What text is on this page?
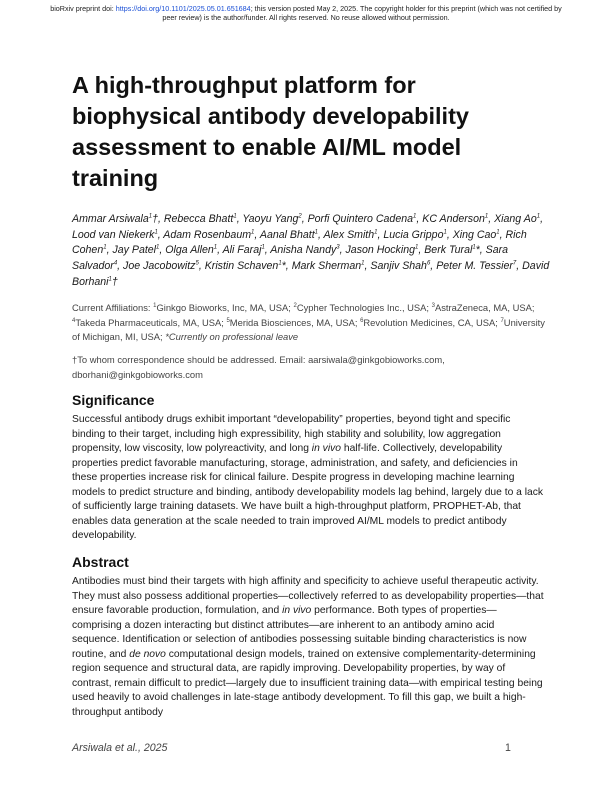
bioRxiv preprint doi: https://doi.org/10.1101/2025.05.01.651684; this version posted May 2, 2025. The copyright holder for this preprint (which was not certified by peer review) is the author/funder. All rights reserved. No reuse allowed without permission.
A high-throughput platform for biophysical antibody developability assessment to enable AI/ML model training

Ammar Arsiwala$^1$†, Rebecca Bhatt$^1$, Yaoyu Yang$^2$, Porfi Quintero Cadena$^1$, KC Anderson$^1$, Xiang Ao$^1$, Lood van Niekerk$^1$, Adam Rosenbaum$^1$, Aanal Bhatt$^1$, Alex Smith$^1$, Lucia Grippo$^1$, Xing Cao$^1$, Rich Cohen$^1$, Jay Patel$^1$, Olga Allen$^1$, Ali Faraj$^1$, Anisha Nandy$^3$, Jason Hocking$^1$, Berk Tural$^1$*, Sara Salvador$^4$, Joe Jacobowitz$^5$, Kristin Schaven$^1$*, Mark Sherman$^1$, Sanjiv Shah$^6$, Peter M. Tessier$^7$, David Borhani$^1$†

Current Affiliations: $^1$Ginkgo Bioworks, Inc, MA, USA; $^2$Cypher Technologies Inc., USA; $^3$AstraZeneca, MA, USA; $^4$Takeda Pharmaceuticals, MA, USA; $^5$Merida Biosciences, MA, USA; $^6$Revolution Medicines, CA, USA; $^7$University of Michigan, MI, USA; *Currently on professional leave

†To whom correspondence should be addressed. Email: aarsiwala@ginkgobioworks.com, dborhani@ginkgobioworks.com

Significance

Successful antibody drugs exhibit important “developability” properties, beyond tight and specific binding to their target, including high expressibility, high stability and solubility, low aggregation propensity, low viscosity, low polyreactivity, and long in vivo half-life. Collectively, developability properties predict favorable manufacturing, storage, administration, and safety, and deficiencies in these properties increase risk for clinical failure. Despite progress in developing machine learning models to predict structure and binding, antibody developability models lag behind, largely due to a lack of sufficiently large training datasets. We have built a high-throughput platform, PROPHET-Ab, that enables data generation at the scale needed to train improved AI/ML models to predict antibody developability.

Abstract

Antibodies must bind their targets with high affinity and specificity to achieve useful therapeutic activity. They must also possess additional properties—collectively referred to as developability properties—that ensure favorable production, formulation, and in vivo performance. Both types of properties—comprising a dozen interacting but distinct attributes—are inherent to an antibody amino acid sequence. Identification or selection of antibodies possessing suitable binding characteristics is now routine, and de novo computational design models, trained on extensive complementarity-determining region sequence and structural data, are rapidly improving. Developability properties, by way of contrast, remain difficult to predict—largely due to insufficient training data—with empirical testing being used heavily to avoid challenges in late-stage antibody development. To fill this gap, we built a high-throughput antibody

Arsiwala et al., 2025	1
